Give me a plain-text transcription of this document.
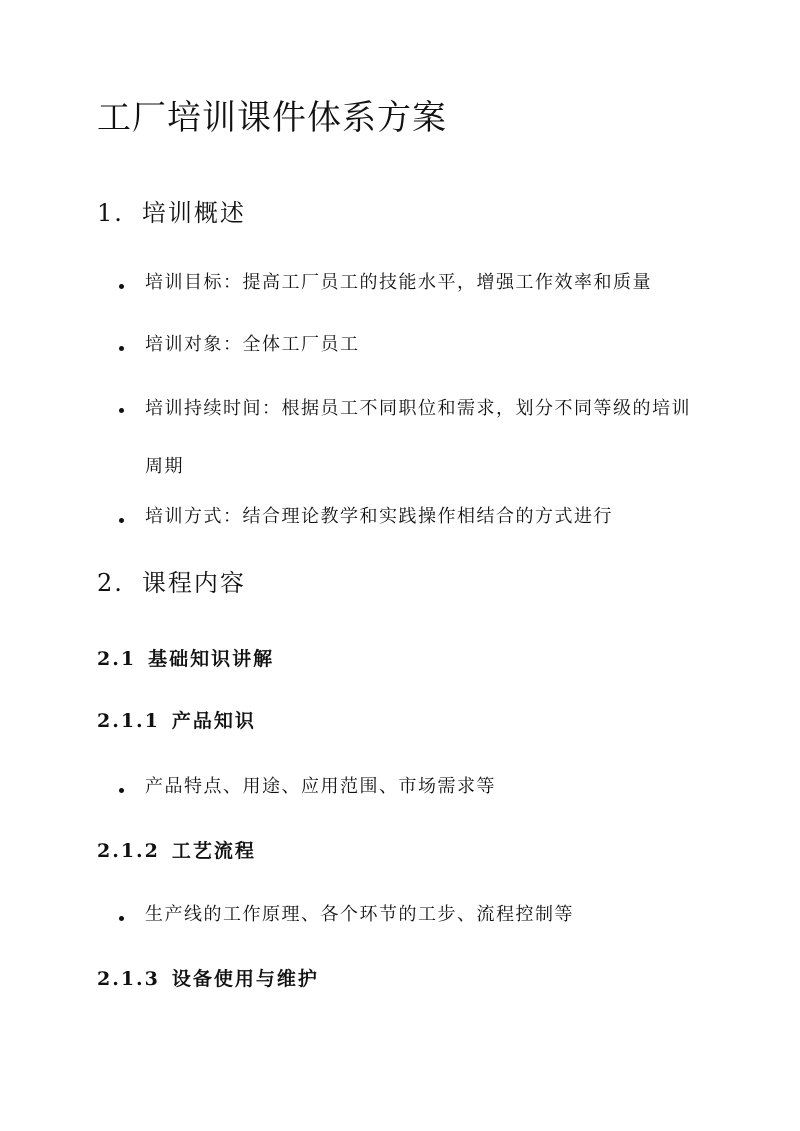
工厂培训课件体系方案
1. 培训概述
培训目标：提高工厂员工的技能水平，增强工作效率和质量
培训对象：全体工厂员工
培训持续时间：根据员工不同职位和需求，划分不同等级的培训周期
培训方式：结合理论教学和实践操作相结合的方式进行
2. 课程内容
2.1 基础知识讲解
2.1.1 产品知识
产品特点、用途、应用范围、市场需求等
2.1.2 工艺流程
生产线的工作原理、各个环节的工步、流程控制等
2.1.3 设备使用与维护
